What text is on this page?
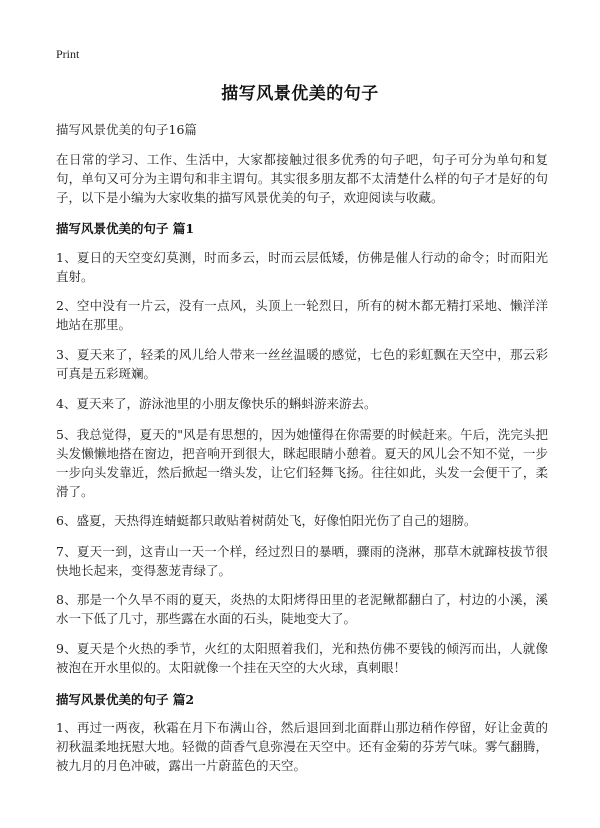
Print
描写风景优美的句子
描写风景优美的句子16篇

在日常的学习、工作、生活中，大家都接触过很多优秀的句子吧，句子可分为单句和复句，单句又可分为主谓句和非主谓句。其实很多朋友都不太清楚什么样的句子才是好的句子，以下是小编为大家收集的描写风景优美的句子，欢迎阅读与收藏。

描写风景优美的句子 篇1

1、夏日的天空变幻莫测，时而多云，时而云层低矮，仿佛是催人行动的命令；时而阳光直射。

2、空中没有一片云，没有一点风，头顶上一轮烈日，所有的树木都无精打采地、懒洋洋地站在那里。

3、夏天来了，轻柔的风儿给人带来一丝丝温暖的感觉，七色的彩虹飘在天空中，那云彩可真是五彩斑斓。

4、夏天来了，游泳池里的小朋友像快乐的蝌蚪游来游去。

5、我总觉得，夏天的"风是有思想的，因为她懂得在你需要的时候赶来。午后，洗完头把头发懒懒地搭在窗边，把音响开到很大，眯起眼睛小憩着。夏天的风儿会不知不觉，一步一步向头发靠近，然后掀起一绺头发，让它们轻舞飞扬。往往如此，头发一会便干了，柔滑了。

6、盛夏，天热得连蜻蜓都只敢贴着树荫处飞，好像怕阳光伤了自己的翅膀。

7、夏天一到，这青山一天一个样，经过烈日的暴晒，骤雨的浇淋，那草木就蹿枝拔节很快地长起来，变得葱茏青绿了。

8、那是一个久旱不雨的夏天，炎热的太阳烤得田里的老泥鳅都翻白了，村边的小溪，溪水一下低了几寸，那些露在水面的石头，陡地变大了。

9、夏天是个火热的季节，火红的太阳照着我们，光和热仿佛不要钱的倾泻而出，人就像被泡在开水里似的。太阳就像一个挂在天空的大火球，真刺眼！

描写风景优美的句子 篇2

1、再过一两夜，秋霜在月下布满山谷，然后退回到北面群山那边稍作停留，好让金黄的初秋温柔地抚慰大地。轻微的茴香气息弥漫在天空中。还有金菊的芬芳气味。雾气翻腾，被九月的月色冲破，露出一片蔚蓝色的天空。
